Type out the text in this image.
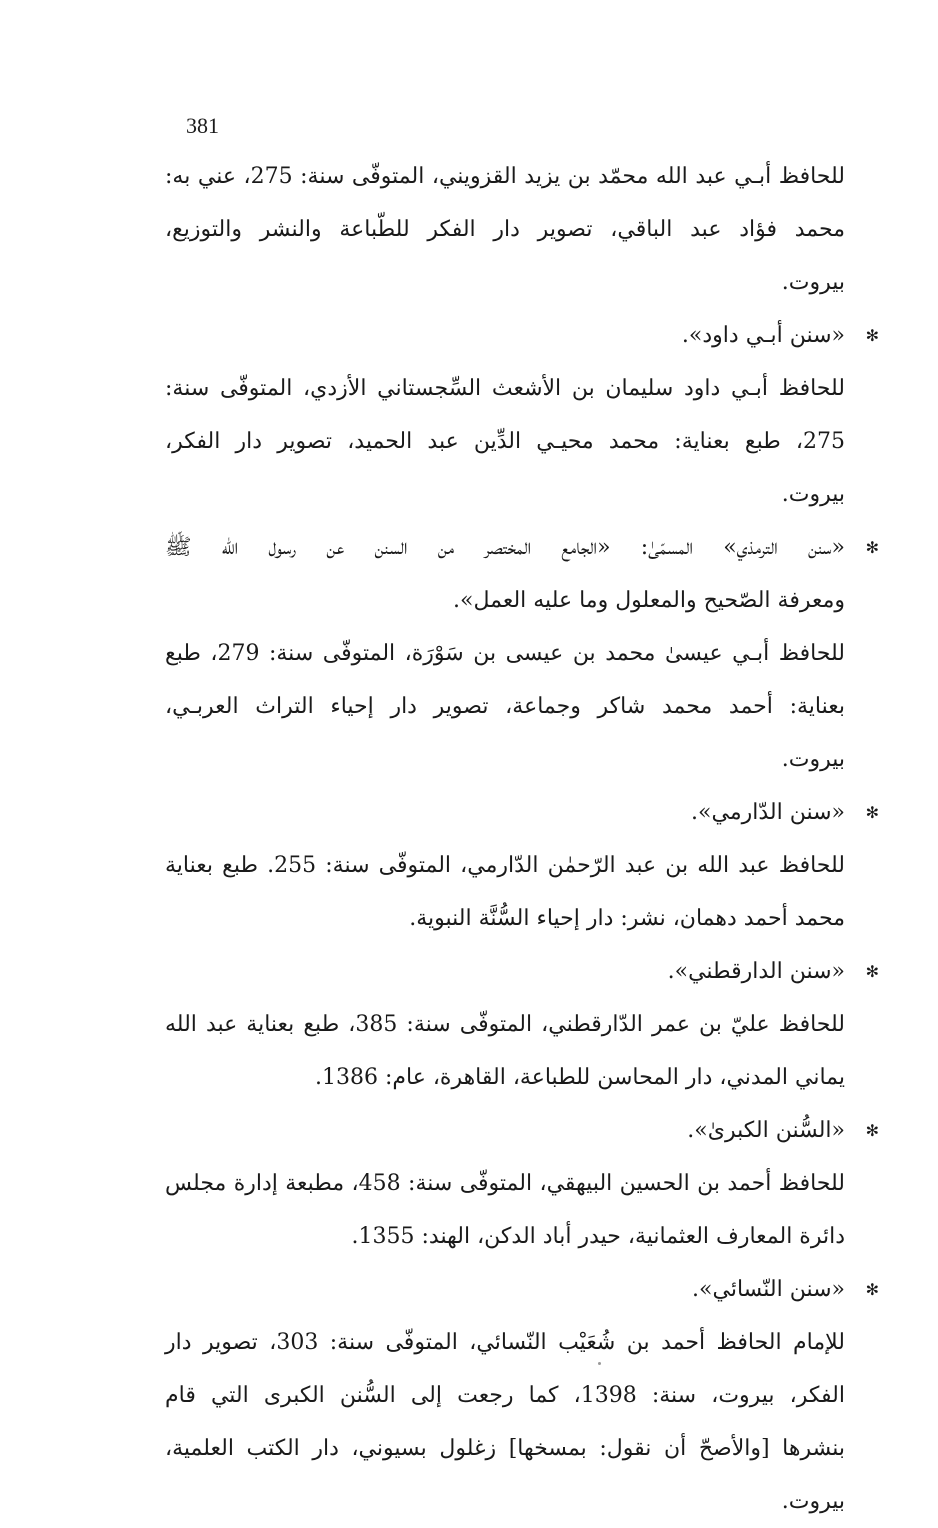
381
للحافظ أبـي عبد الله محمّد بن يزيد القزويني، المتوفّى سنة: 275، عني به:
محمد فؤاد عبد الباقي، تصوير دار الفكر للطّباعة والنشر والتوزيع،
بيروت.
«سنن أبـي داود». ✻
للحافظ أبـي داود سليمان بن الأشعث السِّجستاني الأزدي، المتوفّى سنة:
275، طبع بعناية: محمد محيـي الدِّين عبد الحميد، تصوير دار الفكر،
بيروت.
«سنن الترمذي» المسمّىٰ: «الجامع المختصر من السنن عن رسول الله ﷺ ✻
ومعرفة الصّحيح والمعلول وما عليه العمل».
للحافظ أبـي عيسىٰ محمد بن عيسى بن سَوْرَة، المتوفّى سنة: 279، طبع
بعناية: أحمد محمد شاكر وجماعة، تصوير دار إحياء التراث العربـي،
بيروت.
«سنن الدّارمي». ✻
للحافظ عبد الله بن عبد الرّحمٰن الدّارمي، المتوفّى سنة: 255. طبع بعناية
محمد أحمد دهمان، نشر: دار إحياء السُّنَّة النبوية.
«سنن الدارقطني». ✻
للحافظ عليّ بن عمر الدّارقطني، المتوفّى سنة: 385، طبع بعناية عبد الله
يماني المدني، دار المحاسن للطباعة، القاهرة، عام: 1386.
«السُّنن الكبرىٰ». ✻
للحافظ أحمد بن الحسين البيهقي، المتوفّى سنة: 458، مطبعة إدارة مجلس
دائرة المعارف العثمانية، حيدر أباد الدكن، الهند: 1355.
«سنن النّسائي». ✻
للإمام الحافظ أحمد بن شُعَيْب النّسائي، المتوفّى سنة: 303، تصوير دار
الفكر، بيروت، سنة: 1398، كما رجعت إلى السُّنن الكبرى التي قام
بنشرها [والأصحّ أن نقول: بمسخها] زغلول بسيوني، دار الكتب العلمية،
بيروت.
